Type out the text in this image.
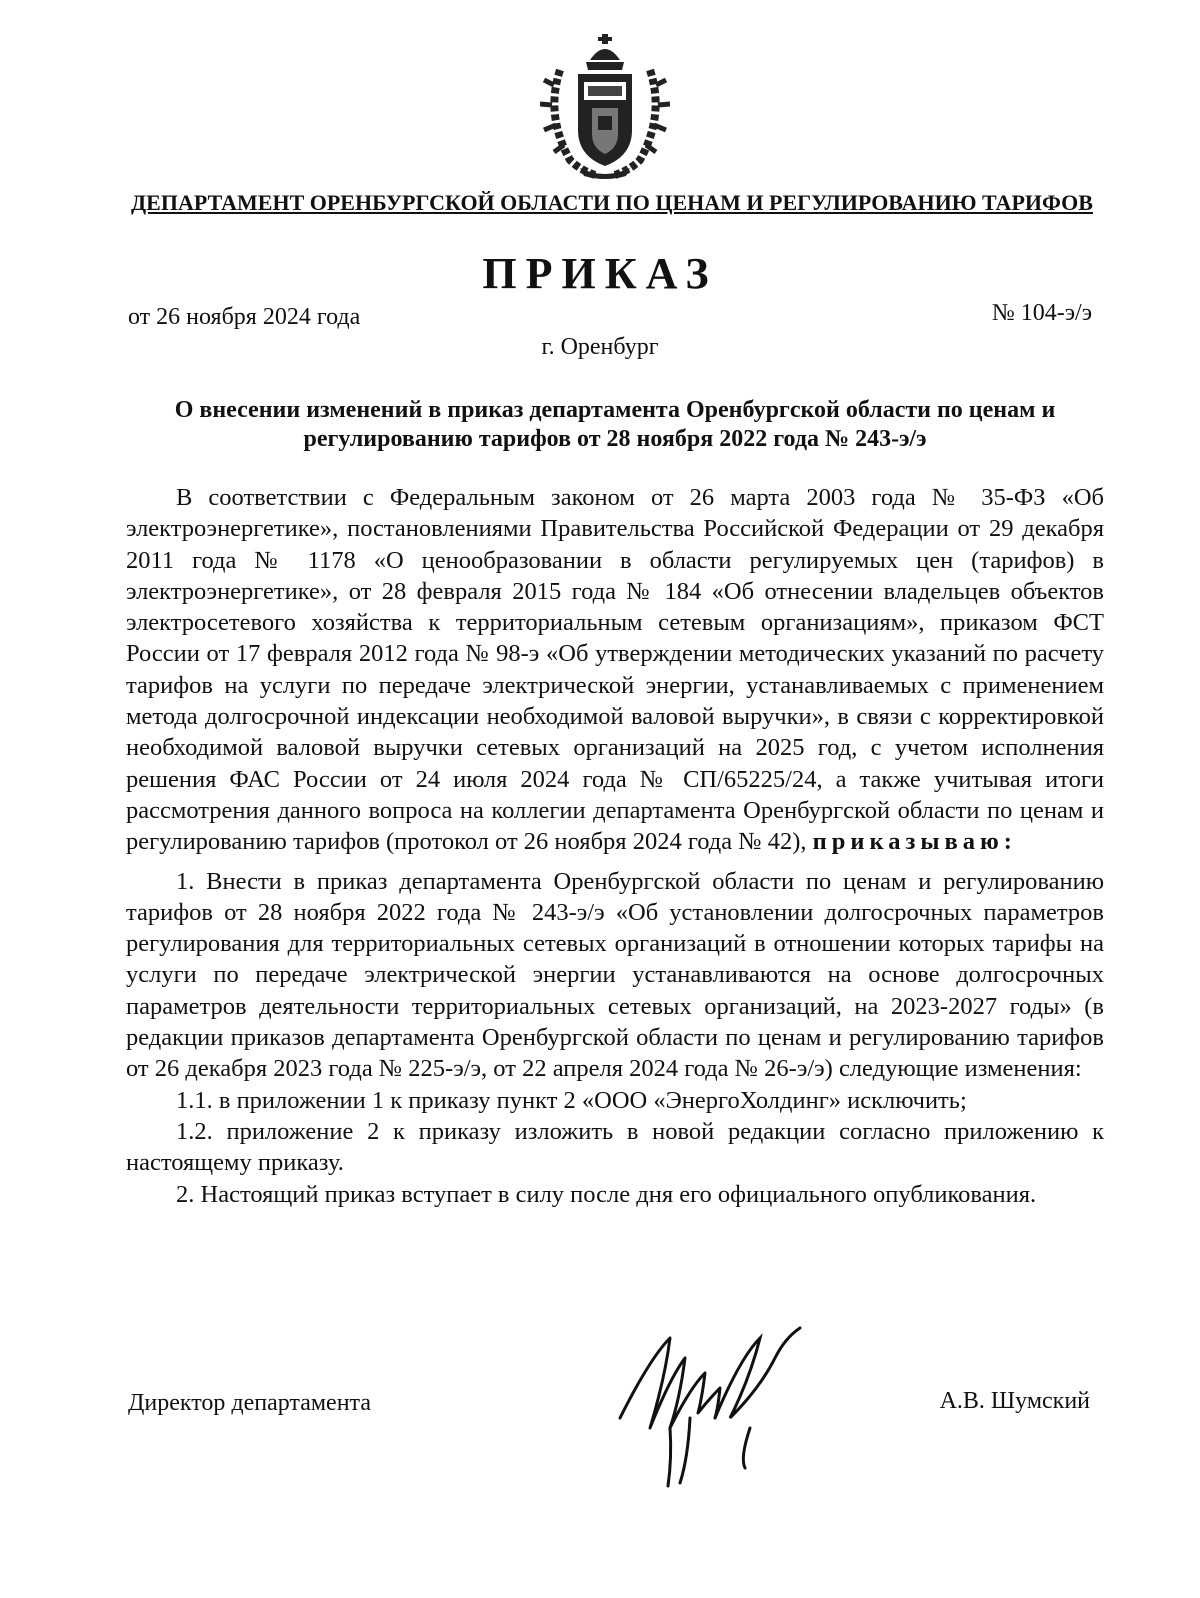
ДЕПАРТАМЕНТ ОРЕНБУРГСКОЙ ОБЛАСТИ ПО ЦЕНАМ И РЕГУЛИРОВАНИЮ ТАРИФОВ
ПРИКАЗ
от 26 ноября 2024 года	№ 104-э/э
г. Оренбург
О внесении изменений в приказ департамента Оренбургской области по ценам и регулированию тарифов от 28 ноября 2022 года № 243-э/э

В соответствии с Федеральным законом от 26 марта 2003 года № 35-ФЗ «Об электроэнергетике», постановлениями Правительства Российской Федерации от 29 декабря 2011 года № 1178 «О ценообразовании в области регулируемых цен (тарифов) в электроэнергетике», от 28 февраля 2015 года № 184 «Об отнесении владельцев объектов электросетевого хозяйства к территориальным сетевым организациям», приказом ФСТ России от 17 февраля 2012 года № 98-э «Об утверждении методических указаний по расчету тарифов на услуги по передаче электрической энергии, устанавливаемых с применением метода долгосрочной индексации необходимой валовой выручки», в связи с корректировкой необходимой валовой выручки сетевых организаций на 2025 год, с учетом исполнения решения ФАС России от 24 июля 2024 года № СП/65225/24, а также учитывая итоги рассмотрения данного вопроса на коллегии департамента Оренбургской области по ценам и регулированию тарифов (протокол от 26 ноября 2024 года № 42), приказываю:

1. Внести в приказ департамента Оренбургской области по ценам и регулированию тарифов от 28 ноября 2022 года № 243-э/э «Об установлении долгосрочных параметров регулирования для территориальных сетевых организаций в отношении которых тарифы на услуги по передаче электрической энергии устанавливаются на основе долгосрочных параметров деятельности территориальных сетевых организаций, на 2023-2027 годы» (в редакции приказов департамента Оренбургской области по ценам и регулированию тарифов от 26 декабря 2023 года № 225-э/э, от 22 апреля 2024 года № 26-э/э) следующие изменения:

1.1. в приложении 1 к приказу пункт 2 «ООО «ЭнергоХолдинг» исключить;

1.2. приложение 2 к приказу изложить в новой редакции согласно приложению к настоящему приказу.

2. Настоящий приказ вступает в силу после дня его официального опубликования.

Директор департамента	А.В. Шумский
